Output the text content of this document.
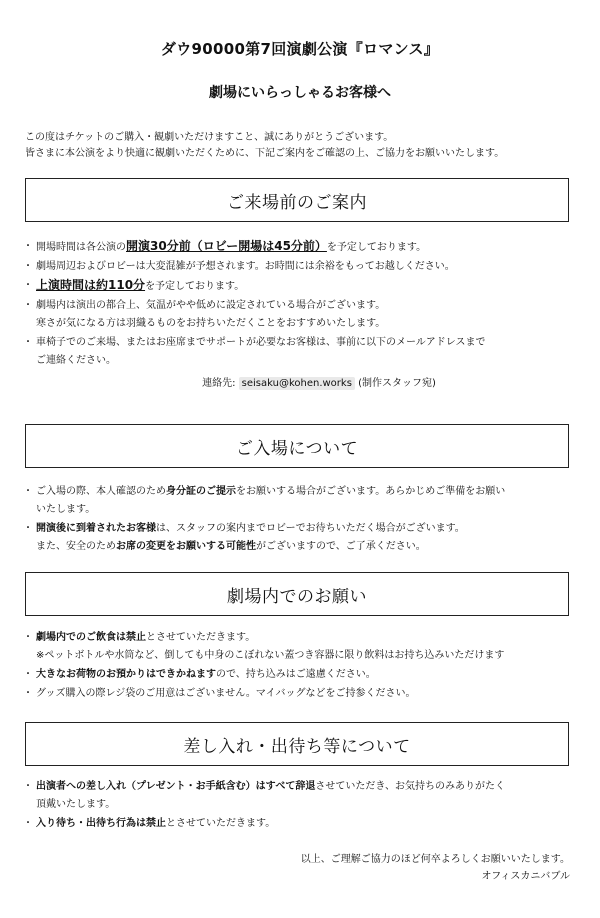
ダウ90000第7回演劇公演『ロマンス』
劇場にいらっしゃるお客様へ
この度はチケットのご購入・観劇いただけますこと、誠にありがとうございます。
皆さまに本公演をより快適に観劇いただくために、下記ご案内をご確認の上、ご協力をお願いいたします。
ご来場前のご案内
・ 開場時間は各公演の開演30分前（ロビー開場は45分前）を予定しております。
・ 劇場周辺およびロビーは大変混雑が予想されます。お時間には余裕をもってお越しください。
・ 上演時間は約110分を予定しております。
・ 劇場内は演出の都合上、気温がやや低めに設定されている場合がございます。
寒さが気になる方は羽織るものをお持ちいただくことをおすすめいたします。
・ 車椅子でのご来場、またはお座席までサポートが必要なお客様は、事前に以下のメールアドレスまで
ご連絡ください。
連絡先: seisaku@kohen.works (制作スタッフ宛)
ご入場について
・ ご入場の際、本人確認のため身分証のご提示をお願いする場合がございます。あらかじめご準備をお願い
いたします。
・ 開演後に到着されたお客様は、スタッフの案内までロビーでお待ちいただく場合がございます。
また、安全のためお席の変更をお願いする可能性がございますので、ご了承ください。
劇場内でのお願い
・ 劇場内でのご飲食は禁止とさせていただきます。
※ペットボトルや水筒など、倒しても中身のこぼれない蓋つき容器に限り飲料はお持ち込みいただけます
・ 大きなお荷物のお預かりはできかねますので、持ち込みはご遠慮ください。
・ グッズ購入の際レジ袋のご用意はございません。マイバッグなどをご持参ください。
差し入れ・出待ち等について
・ 出演者への差し入れ（プレゼント・お手紙含む）はすべて辞退させていただき、お気持ちのみありがたく
頂戴いたします。
・ 入り待ち・出待ち行為は禁止とさせていただきます。
以上、ご理解ご協力のほど何卒よろしくお願いいたします。
オフィスカニバブル
